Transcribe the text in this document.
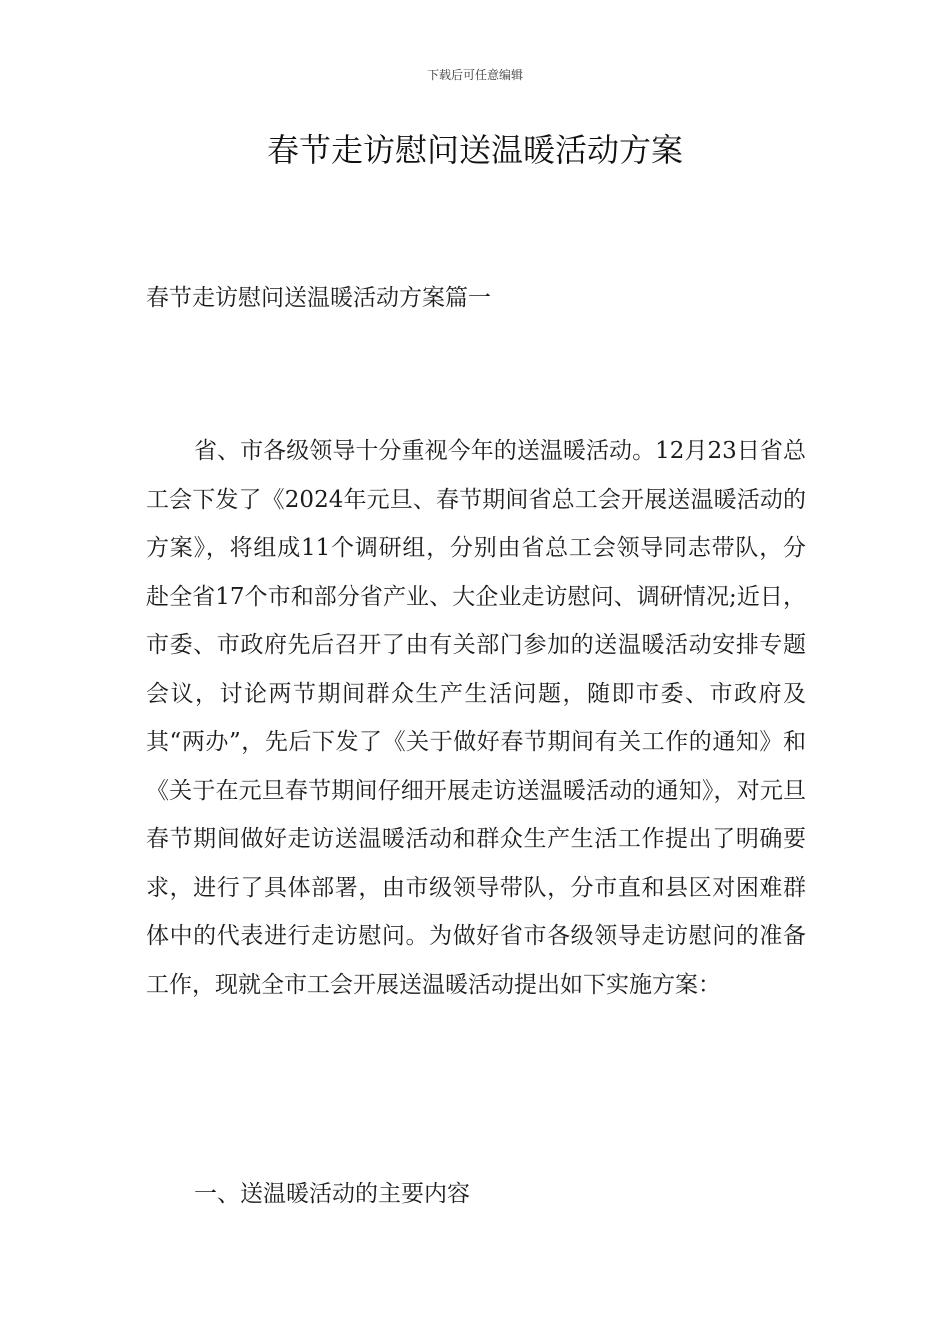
下载后可任意编辑
春节走访慰问送温暖活动方案
春节走访慰问送温暖活动方案篇一

省、市各级领导十分重视今年的送温暖活动。12月23日省总工会下发了《2024年元旦、春节期间省总工会开展送温暖活动的方案》，将组成11个调研组，分别由省总工会领导同志带队，分赴全省17个市和部分省产业、大企业走访慰问、调研情况;近日，市委、市政府先后召开了由有关部门参加的送温暖活动安排专题会议，讨论两节期间群众生产生活问题，随即市委、市政府及其“两办”，先后下发了《关于做好春节期间有关工作的通知》和《关于在元旦春节期间仔细开展走访送温暖活动的通知》，对元旦春节期间做好走访送温暖活动和群众生产生活工作提出了明确要求，进行了具体部署，由市级领导带队，分市直和县区对困难群体中的代表进行走访慰问。为做好省市各级领导走访慰问的准备工作，现就全市工会开展送温暖活动提出如下实施方案：

一、送温暖活动的主要内容
